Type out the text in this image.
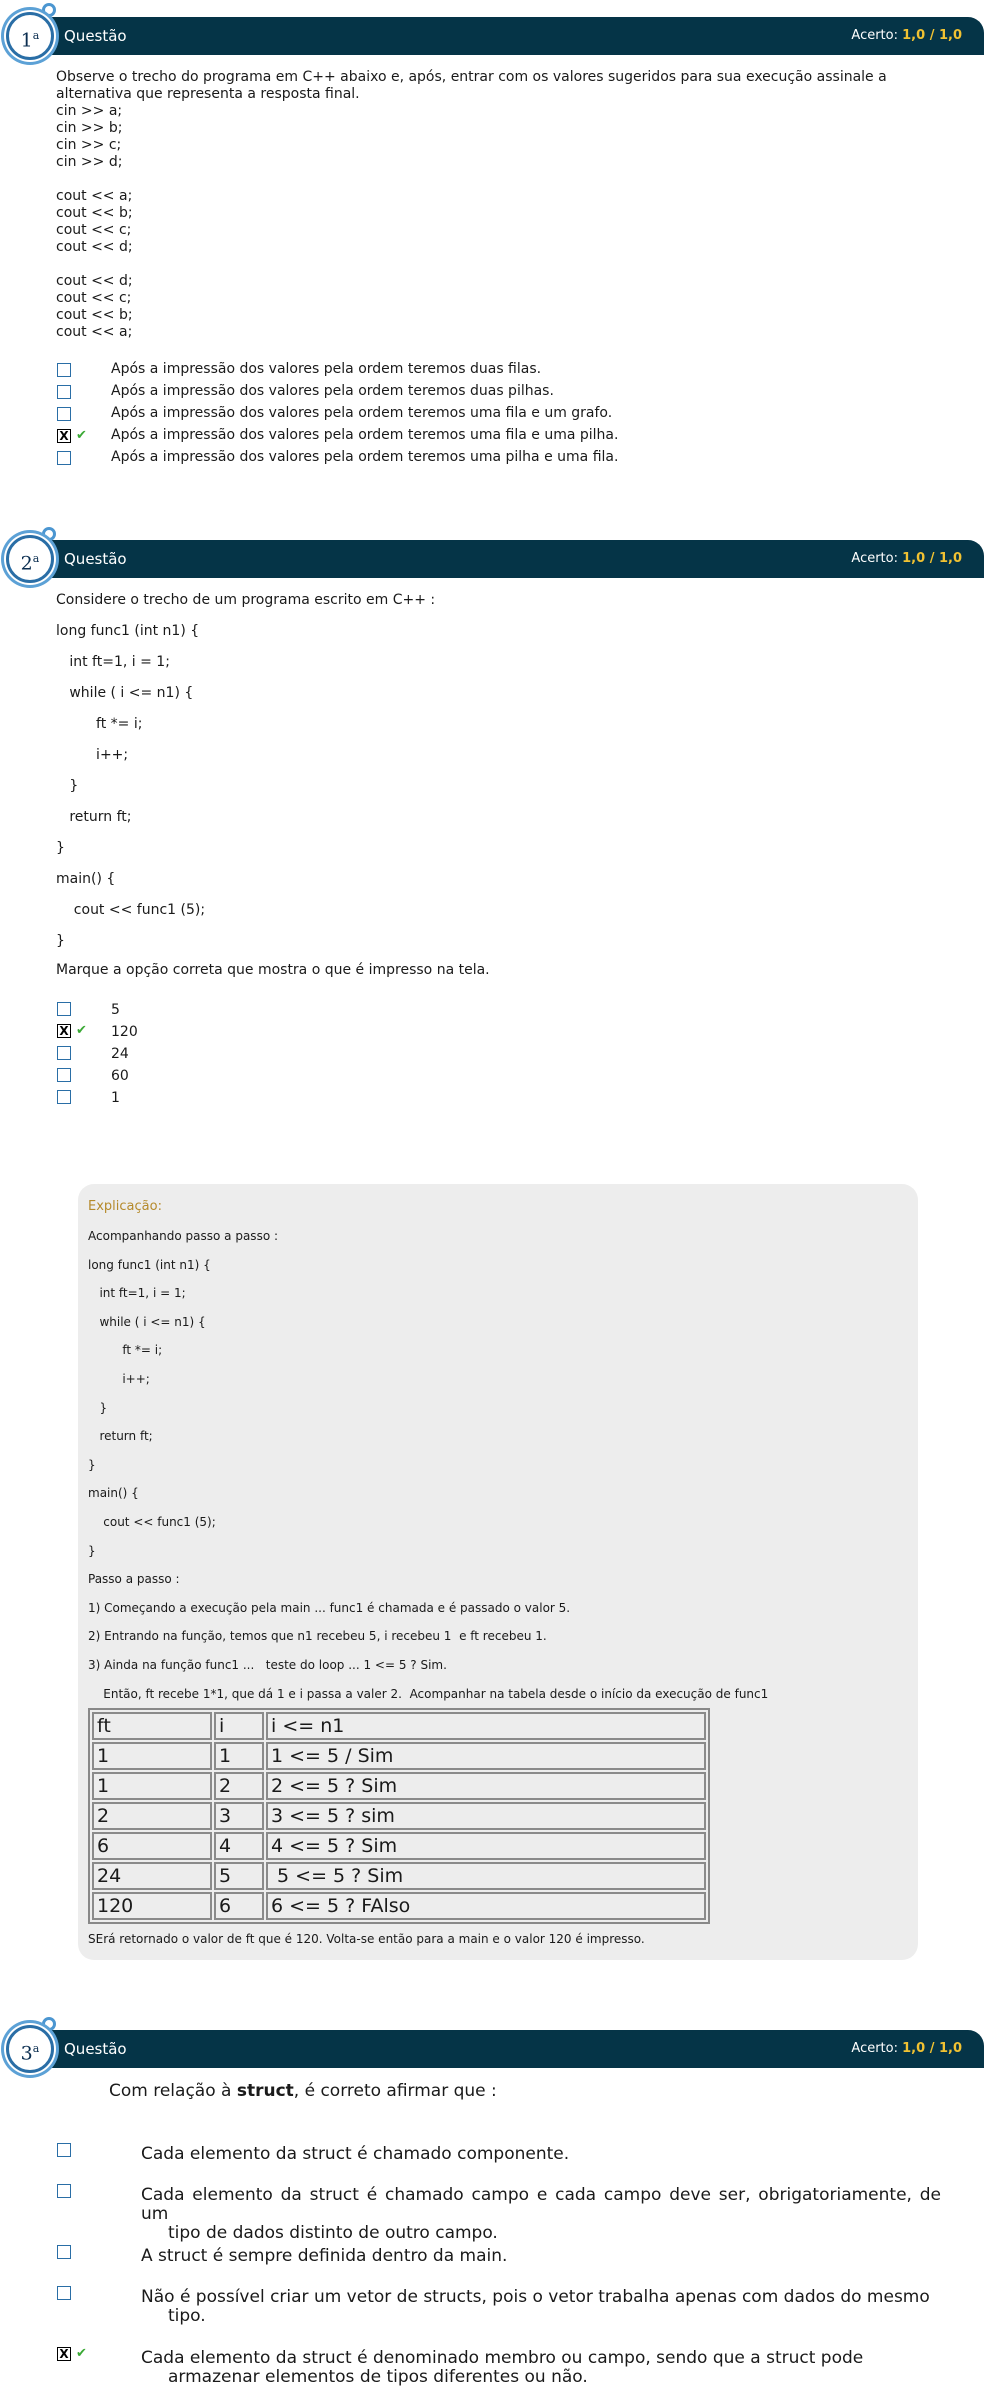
Questão	Acerto: 1,0 / 1,0
1$^a$
Observe o trecho do programa em C++ abaixo e, após, entrar com os valores sugeridos para sua execução assinale a
alternativa que representa a resposta final.
cin >> a;
cin >> b;
cin >> c;
cin >> d;

cout << a;
cout << b;
cout << c;
cout << d;

cout << d;
cout << c;
cout << b;
cout << a;
Após a impressão dos valores pela ordem teremos duas filas.
Após a impressão dos valores pela ordem teremos duas pilhas.
Após a impressão dos valores pela ordem teremos uma fila e um grafo.
X ✔ Após a impressão dos valores pela ordem teremos uma fila e uma pilha.
Após a impressão dos valores pela ordem teremos uma pilha e uma fila.
Questão	Acerto: 1,0 / 1,0
2$^a$
Considere o trecho de um programa escrito em C++ :
long func1 (int n1) {
int ft=1, i = 1;
while ( i <= n1) {
ft *= i;
i++;
}
return ft;
}
main() {
cout << func1 (5);
}
Marque a opção correta que mostra o que é impresso na tela.
5
X ✔ 120
24
60
1
Explicação:
Acompanhando passo a passo :
long func1 (int n1) {
int ft=1, i = 1;
while ( i <= n1) {
ft *= i;
i++;
}
return ft;
}
main() {
cout << func1 (5);
}
Passo a passo :
1) Começando a execução pela main ... func1 é chamada e é passado o valor 5.
2) Entrando na função, temos que n1 recebeu 5, i recebeu 1  e ft recebeu 1.
3) Ainda na função func1 ...   teste do loop ... 1 <= 5 ? Sim.
Então, ft recebe 1*1, que dá 1 e i passa a valer 2.  Acompanhar na tabela desde o início da execução de func1
ft	i	i <= n1
1	1	1 <= 5 / Sim
1	2	2 <= 5 ? Sim
2	3	3 <= 5 ? sim
6	4	4 <= 5 ? Sim
24	5	5 <= 5 ? Sim
120	6	6 <= 5 ? FAlso
SErá retornado o valor de ft que é 120. Volta-se então para a main e o valor 120 é impresso.
Questão	Acerto: 1,0 / 1,0
3$^a$
Com relação à struct, é correto afirmar que :
Cada elemento da struct é chamado componente.
Cada elemento da struct é chamado campo e cada campo deve ser, obrigatoriamente, de um
tipo de dados distinto de outro campo.
A struct é sempre definida dentro da main.
Não é possível criar um vetor de structs, pois o vetor trabalha apenas com dados do mesmo
tipo.
X ✔	Cada elemento da struct é denominado membro ou campo, sendo que a struct pode
armazenar elementos de tipos diferentes ou não.
